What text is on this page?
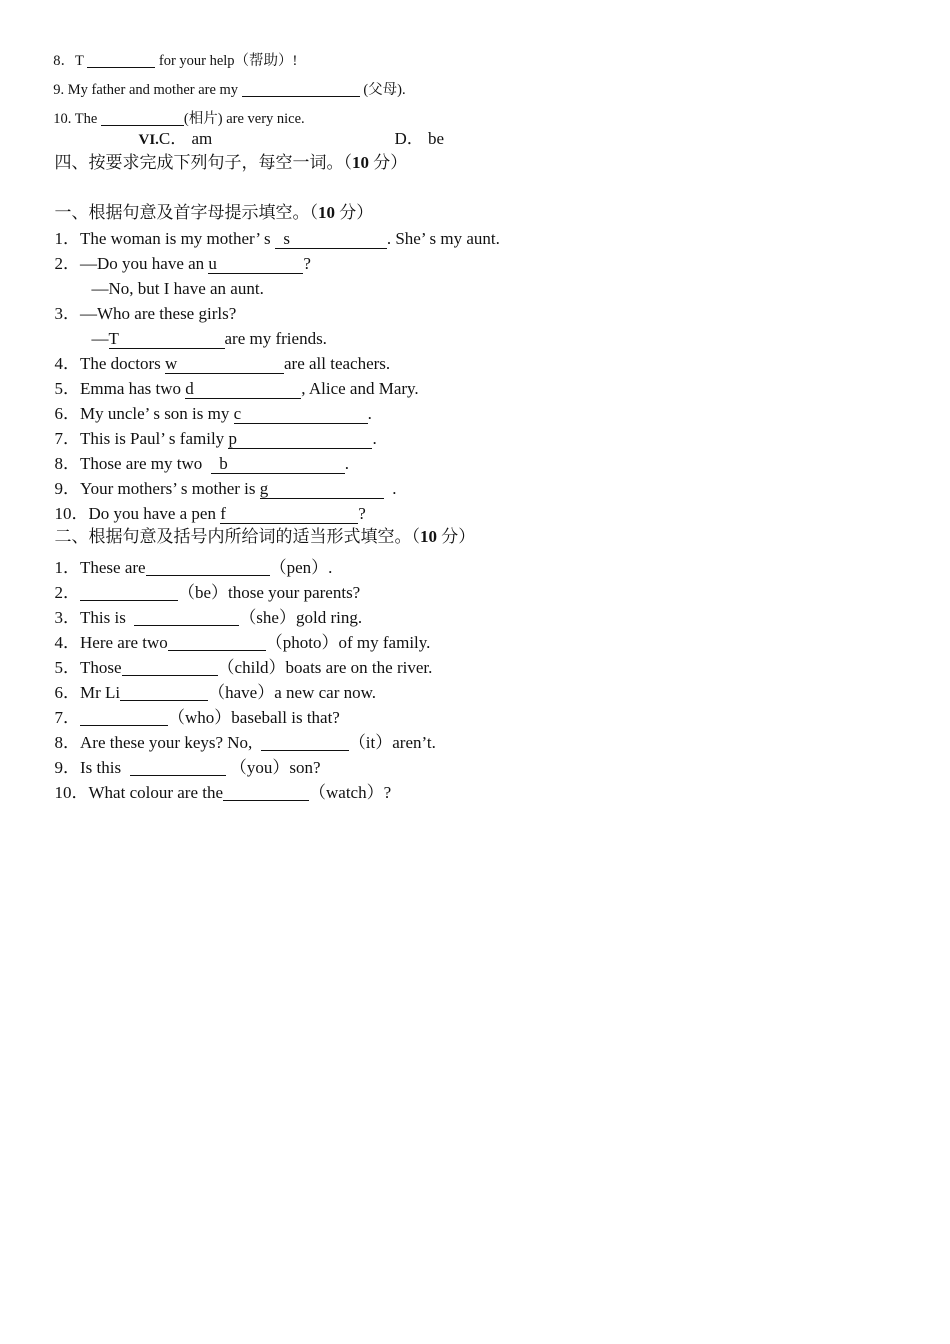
8．T	for your help（帮助）!

9. My father and mother are my	(父母).

10. The	(相片) are very nice.

VI.C． am	D． be

四、按要求完成下列句子，每空一词。（10 分）

一、根据句意及首字母提示填空。（10 分）

1．The woman is my mother’ s   s	. She’ s my aunt.

2．—Do you have an u	?

—No, but I have an aunt.

3．—Who are these girls?

—T	are my friends.

4．The doctors w	are all teachers.

5．Emma has two d	, Alice and Mary.

6．My uncle’ s son is my c	.

7．This is Paul’ s family p	.

8．Those are my two    b	.

9．Your mothers’ s mother is g	.

10．Do you have a pen f	?

二、根据句意及括号内所给词的适当形式填空。（10 分）

1．These are	（pen）.

2．	（be）those your parents?

3．This is	（she）gold ring.

4．Here are two	（photo）of my family.

5．Those	（child）boats are on the river.

6．Mr Li	（have）a new car now.

7．	（who）baseball is that?

8．Are these your keys? No,	（it）aren’t.

9．Is this	（you）son?

10．What colour are the	（watch）?
